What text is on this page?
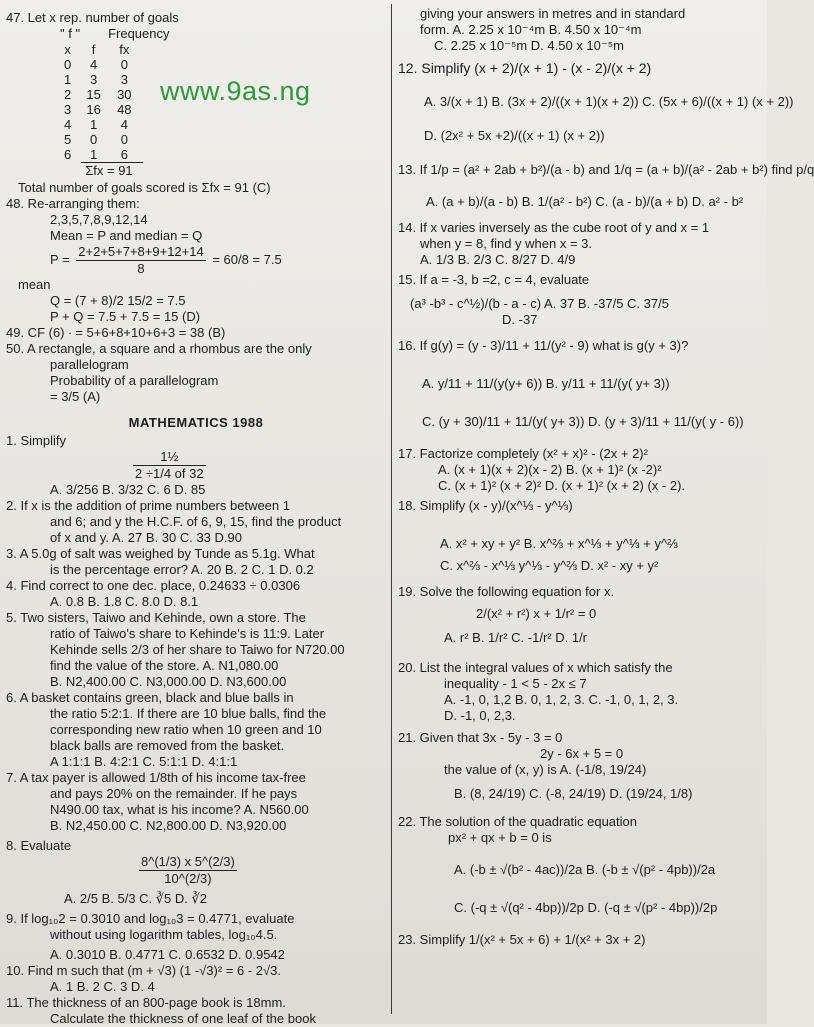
www.9as.ng
47. Let x rep. number of goals
" f " Frequency
x	f	fx
0	4	0
1	3	3
2	15	30
3	16	48
4	1	4
5	0	0
6	1	6
	Σfx = 91	
Total number of goals scored is Σfx = 91 (C)
48. Re-arranging them:
2,3,5,7,8,9,12,14
Mean = P and median = Q
$P = \frac{2+2+5+7+8+9+12+14}{8} = 60/8 = 7.5$
mean
Q = (7 + 8)/2 15/2 = 7.5
P + Q = 7.5 + 7.5 = 15 (D)
49. CF (6) ∙ = 5+6+8+10+6+3 = 38 (B)
50. A rectangle, a square and a rhombus are the only
parallelogram
Probability of a parallelogram
= 3/5 (A)
MATHEMATICS 1988
1. Simplify
$\frac{\text{1½}}{2 \div 1/4 of 32}$
A. 3/256 B. 3/32 C. 6 D. 85
2. If x is the addition of prime numbers between 1
and 6; and y the H.C.F. of 6, 9, 15, find the product
of x and y. A. 27 B. 30 C. 33 D.90
3. A 5.0g of salt was weighed by Tunde as 5.1g. What
is the percentage error? A. 20 B. 2 C. 1 D. 0.2
4. Find correct to one dec. place, 0.24633 ÷ 0.0306
A. 0.8 B. 1.8 C. 8.0 D. 8.1
5. Two sisters, Taiwo and Kehinde, own a store. The
ratio of Taiwo's share to Kehinde's is 11:9. Later
Kehinde sells 2/3 of her share to Taiwo for N720.00
find the value of the store. A. N1,080.00
B. N2,400.00 C. N3,000.00 D. N3,600.00
6. A basket contains green, black and blue balls in
the ratio 5:2:1. If there are 10 blue balls, find the
corresponding new ratio when 10 green and 10
black balls are removed from the basket.
A 1:1:1 B. 4:2:1 C. 5:1:1 D. 4:1:1
7. A tax payer is allowed 1/8th of his income tax-free
and pays 20% on the remainder. If he pays
N490.00 tax, what is his income? A. N560.00
B. N2,450.00 C. N2,800.00 D. N3,920.00
8. Evaluate
$\frac{8\^{}(1/3) x 5\^{}(2/3)}{10\^{}(2/3)}$
A. 2/5 B. 5/3 C. ∛5 D. ∛2
9. If log₁₀2 = 0.3010 and log₁₀3 = 0.4771, evaluate
without using logarithm tables, log₁₀4.5.
A. 0.3010 B. 0.4771 C. 0.6532 D. 0.9542
10. Find m such that (m + √3) (1 -√3)² = 6 - 2√3.
A. 1 B. 2 C. 3 D. 4
11. The thickness of an 800-page book is 18mm.
Calculate the thickness of one leaf of the book
giving your answers in metres and in standard
form. A. 2.25 x 10⁻⁴m B. 4.50 x 10⁻⁴m
C. 2.25 x 10⁻⁵m D. 4.50 x 10⁻⁵m
12. Simplify (x + 2)/(x + 1) - (x - 2)/(x + 2)
A. 3/(x + 1) B. (3x + 2)/((x + 1)(x + 2)) C. (5x + 6)/((x + 1) (x + 2))
D. (2x² + 5x +2)/((x + 1) (x + 2))
13. If 1/p = (a² + 2ab + b²)/(a - b) and 1/q = (a + b)/(a² - 2ab + b²) find p/q
A. (a + b)/(a - b) B. 1/(a² - b²) C. (a - b)/(a + b) D. a² - b²
14. If x varies inversely as the cube root of y and x = 1
when y = 8, find y when x = 3.
A. 1/3 B. 2/3 C. 8/27 D. 4/9
15. If a = -3, b =2, c = 4, evaluate
(a³ -b³ - c^½)/(b - a - c) A. 37 B. -37/5 C. 37/5
D. -37
16. If g(y) = (y - 3)/11 + 11/(y² - 9) what is g(y + 3)?
A. y/11 + 11/(y(y+ 6)) B. y/11 + 11/(y( y+ 3))
C. (y + 30)/11 + 11/(y( y+ 3)) D. (y + 3)/11 + 11/(y( y - 6))
17. Factorize completely (x² + x)² - (2x + 2)²
A. (x + 1)(x + 2)(x - 2) B. (x + 1)² (x -2)²
C. (x + 1)² (x + 2)² D. (x + 1)² (x + 2) (x - 2).
18. Simplify (x - y)/(x^⅓ - y^⅓)
A. x² + xy + y² B. x^⅔ + x^⅓ + y^⅓ + y^⅔
C. x^⅔ - x^⅓ y^⅓ - y^⅔ D. x² - xy + y²
19. Solve the following equation for x.
2/(x² + r²) x + 1/r² = 0
A. r² B. 1/r² C. -1/r² D. 1/r
20. List the integral values of x which satisfy the
inequality - 1 < 5 - 2x ≤ 7
A. -1, 0, 1,2 B. 0, 1, 2, 3. C. -1, 0, 1, 2, 3.
D. -1, 0, 2,3.
21. Given that 3x - 5y - 3 = 0
2y - 6x + 5 = 0
the value of (x, y) is A. (-1/8, 19/24)
B. (8, 24/19) C. (-8, 24/19) D. (19/24, 1/8)
22. The solution of the quadratic equation
px² + qx + b = 0 is
A. (-b ± √(b² - 4ac))/2a B. (-b ± √(p² - 4pb))/2a
C. (-q ± √(q² - 4bp))/2p D. (-q ± √(p² - 4bp))/2p
23. Simplify 1/(x² + 5x + 6) + 1/(x² + 3x + 2)
